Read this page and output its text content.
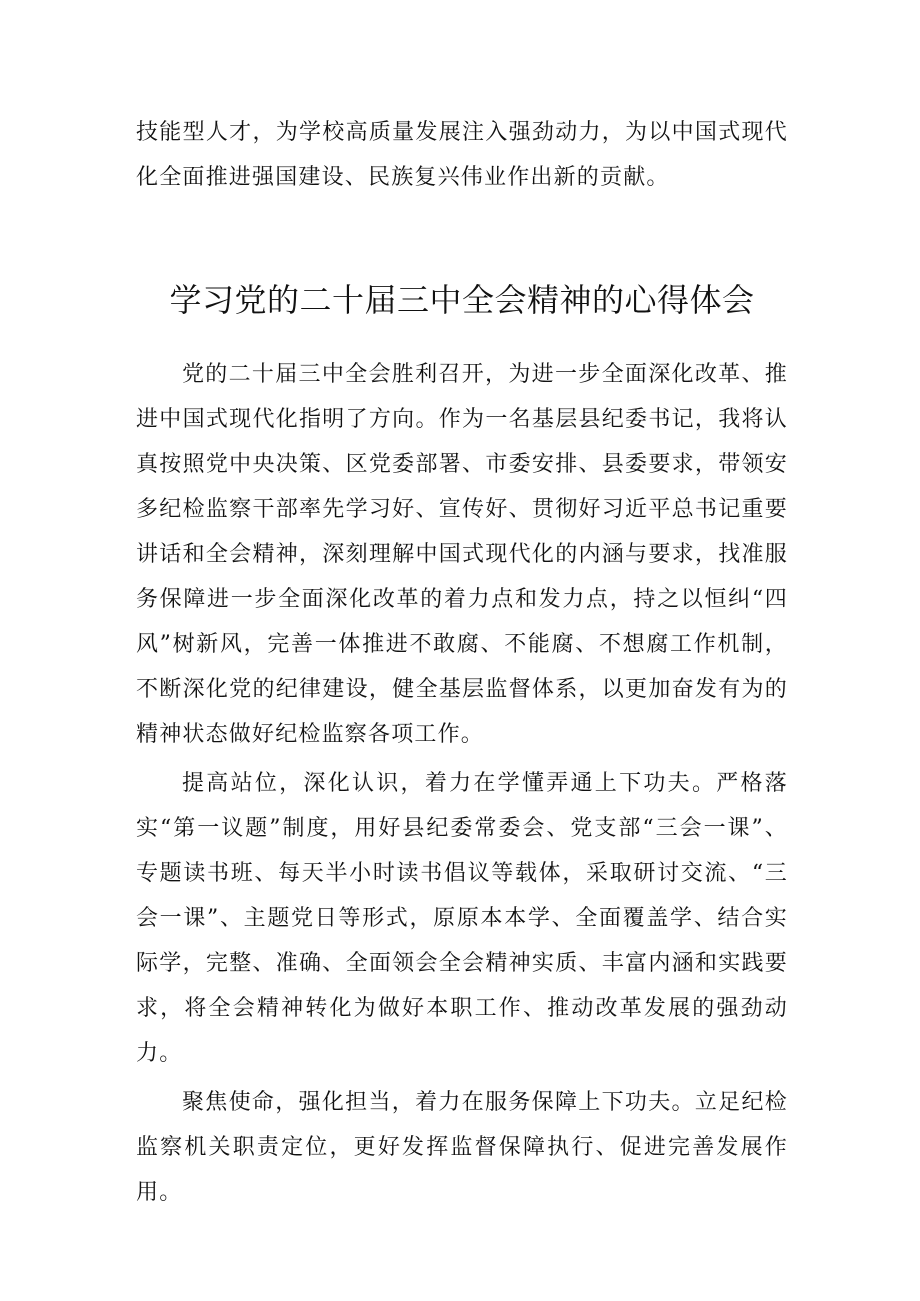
技能型人才，为学校高质量发展注入强劲动力，为以中国式现代化全面推进强国建设、民族复兴伟业作出新的贡献。

学习党的二十届三中全会精神的心得体会

党的二十届三中全会胜利召开，为进一步全面深化改革、推进中国式现代化指明了方向。作为一名基层县纪委书记，我将认真按照党中央决策、区党委部署、市委安排、县委要求，带领安多纪检监察干部率先学习好、宣传好、贯彻好习近平总书记重要讲话和全会精神，深刻理解中国式现代化的内涵与要求，找准服务保障进一步全面深化改革的着力点和发力点，持之以恒纠“四风”树新风，完善一体推进不敢腐、不能腐、不想腐工作机制，不断深化党的纪律建设，健全基层监督体系，以更加奋发有为的精神状态做好纪检监察各项工作。

提高站位，深化认识，着力在学懂弄通上下功夫。严格落实“第一议题”制度，用好县纪委常委会、党支部“三会一课”、专题读书班、每天半小时读书倡议等载体，采取研讨交流、“三会一课”、主题党日等形式，原原本本学、全面覆盖学、结合实际学，完整、准确、全面领会全会精神实质、丰富内涵和实践要求，将全会精神转化为做好本职工作、推动改革发展的强劲动力。

聚焦使命，强化担当，着力在服务保障上下功夫。立足纪检监察机关职责定位，更好发挥监督保障执行、促进完善发展作用。
